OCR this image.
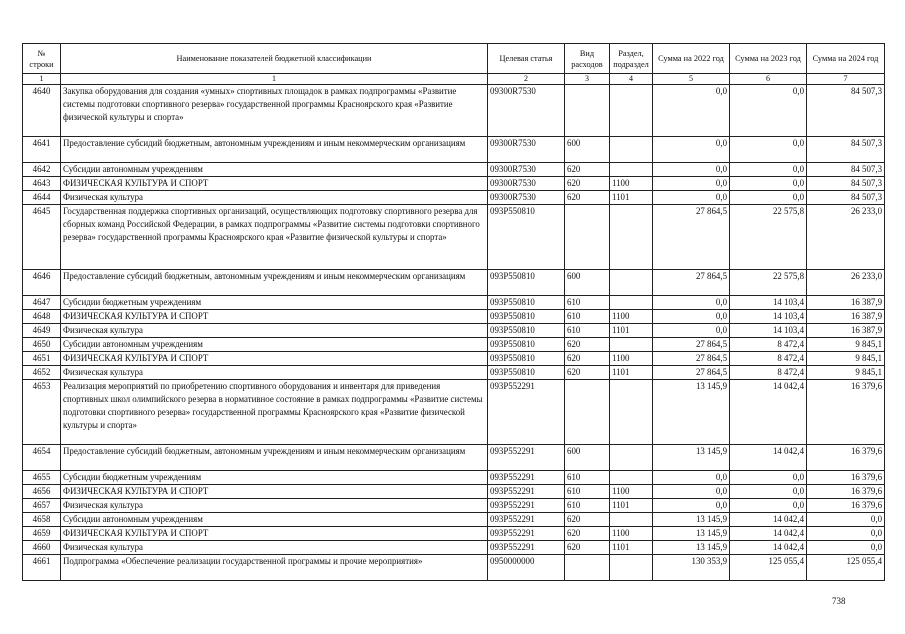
№ строки	Наименование показателей бюджетной классификации	Целевая статья	Вид расходов	Раздел, подраздел	Сумма на 2022 год	Сумма на 2023 год	Сумма на 2024 год
1	1	2	3	4	5	6	7
4640	Закупка оборудования для создания «умных» спортивных площадок в рамках подпрограммы «Развитие системы подготовки спортивного резерва» государственной программы Красноярского края «Развитие физической культуры и спорта»	09300R7530			0,0	0,0	84 507,3
4641	Предоставление субсидий бюджетным, автономным учреждениям и иным некоммерческим организациям	09300R7530	600		0,0	0,0	84 507,3
4642	Субсидии автономным учреждениям	09300R7530	620		0,0	0,0	84 507,3
4643	ФИЗИЧЕСКАЯ КУЛЬТУРА И СПОРТ	09300R7530	620	1100	0,0	0,0	84 507,3
4644	Физическая культура	09300R7530	620	1101	0,0	0,0	84 507,3
4645	Государственная поддержка спортивных организаций, осуществляющих подготовку спортивного резерва для сборных команд Российской Федерации, в рамках подпрограммы «Развитие системы подготовки спортивного резерва» государственной программы Красноярского края «Развитие физической культуры и спорта»	093P550810			27 864,5	22 575,8	26 233,0
4646	Предоставление субсидий бюджетным, автономным учреждениям и иным некоммерческим организациям	093P550810	600		27 864,5	22 575,8	26 233,0
4647	Субсидии бюджетным учреждениям	093P550810	610		0,0	14 103,4	16 387,9
4648	ФИЗИЧЕСКАЯ КУЛЬТУРА И СПОРТ	093P550810	610	1100	0,0	14 103,4	16 387,9
4649	Физическая культура	093P550810	610	1101	0,0	14 103,4	16 387,9
4650	Субсидии автономным учреждениям	093P550810	620		27 864,5	8 472,4	9 845,1
4651	ФИЗИЧЕСКАЯ КУЛЬТУРА И СПОРТ	093P550810	620	1100	27 864,5	8 472,4	9 845,1
4652	Физическая культура	093P550810	620	1101	27 864,5	8 472,4	9 845,1
4653	Реализация мероприятий по приобретению спортивного оборудования и инвентаря для приведения спортивных школ олимпийского резерва в нормативное состояние в рамках подпрограммы «Развитие системы подготовки спортивного резерва» государственной программы Красноярского края «Развитие физической культуры и спорта»	093P552291			13 145,9	14 042,4	16 379,6
4654	Предоставление субсидий бюджетным, автономным учреждениям и иным некоммерческим организациям	093P552291	600		13 145,9	14 042,4	16 379,6
4655	Субсидии бюджетным учреждениям	093P552291	610		0,0	0,0	16 379,6
4656	ФИЗИЧЕСКАЯ КУЛЬТУРА И СПОРТ	093P552291	610	1100	0,0	0,0	16 379,6
4657	Физическая культура	093P552291	610	1101	0,0	0,0	16 379,6
4658	Субсидии автономным учреждениям	093P552291	620		13 145,9	14 042,4	0,0
4659	ФИЗИЧЕСКАЯ КУЛЬТУРА И СПОРТ	093P552291	620	1100	13 145,9	14 042,4	0,0
4660	Физическая культура	093P552291	620	1101	13 145,9	14 042,4	0,0
4661	Подпрограмма «Обеспечение реализации государственной программы и прочие мероприятия»	0950000000			130 353,9	125 055,4	125 055,4
738
